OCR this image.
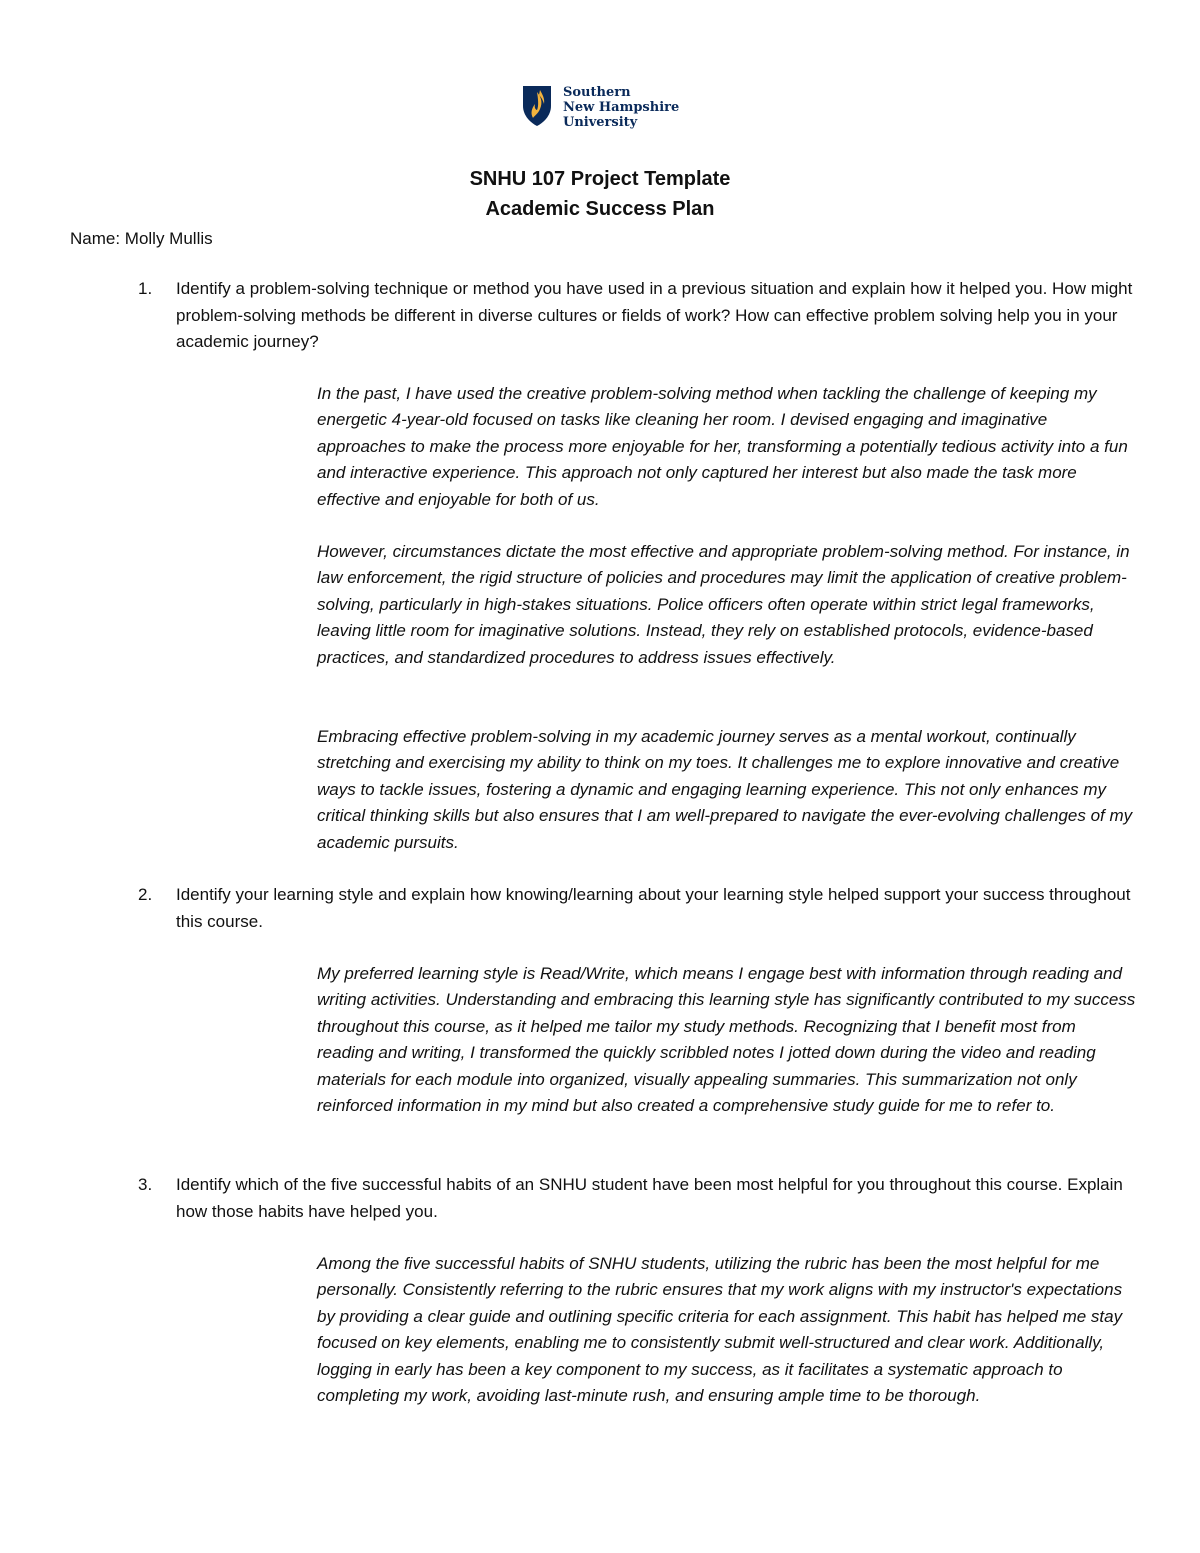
Southern
New Hampshire
University
SNHU 107 Project Template
Academic Success Plan
Name: Molly Mullis
1. Identify a problem-solving technique or method you have used in a previous situation and explain how it helped you. How might problem-solving methods be different in diverse cultures or fields of work? How can effective problem solving help you in your academic journey?

In the past, I have used the creative problem-solving method when tackling the challenge of keeping my energetic 4-year-old focused on tasks like cleaning her room. I devised engaging and imaginative approaches to make the process more enjoyable for her, transforming a potentially tedious activity into a fun and interactive experience. This approach not only captured her interest but also made the task more effective and enjoyable for both of us.

However, circumstances dictate the most effective and appropriate problem-solving method. For instance, in law enforcement, the rigid structure of policies and procedures may limit the application of creative problem-solving, particularly in high-stakes situations. Police officers often operate within strict legal frameworks, leaving little room for imaginative solutions. Instead, they rely on established protocols, evidence-based practices, and standardized procedures to address issues effectively.

Embracing effective problem-solving in my academic journey serves as a mental workout, continually stretching and exercising my ability to think on my toes. It challenges me to explore innovative and creative ways to tackle issues, fostering a dynamic and engaging learning experience. This not only enhances my critical thinking skills but also ensures that I am well-prepared to navigate the ever-evolving challenges of my academic pursuits.

2. Identify your learning style and explain how knowing/learning about your learning style helped support your success throughout this course.

My preferred learning style is Read/Write, which means I engage best with information through reading and writing activities. Understanding and embracing this learning style has significantly contributed to my success throughout this course, as it helped me tailor my study methods. Recognizing that I benefit most from reading and writing, I transformed the quickly scribbled notes I jotted down during the video and reading materials for each module into organized, visually appealing summaries. This summarization not only reinforced information in my mind but also created a comprehensive study guide for me to refer to.

3. Identify which of the five successful habits of an SNHU student have been most helpful for you throughout this course. Explain how those habits have helped you.

Among the five successful habits of SNHU students, utilizing the rubric has been the most helpful for me personally. Consistently referring to the rubric ensures that my work aligns with my instructor's expectations by providing a clear guide and outlining specific criteria for each assignment. This habit has helped me stay focused on key elements, enabling me to consistently submit well-structured and clear work. Additionally, logging in early has been a key component to my success, as it facilitates a systematic approach to completing my work, avoiding last-minute rush, and ensuring ample time to be thorough.
